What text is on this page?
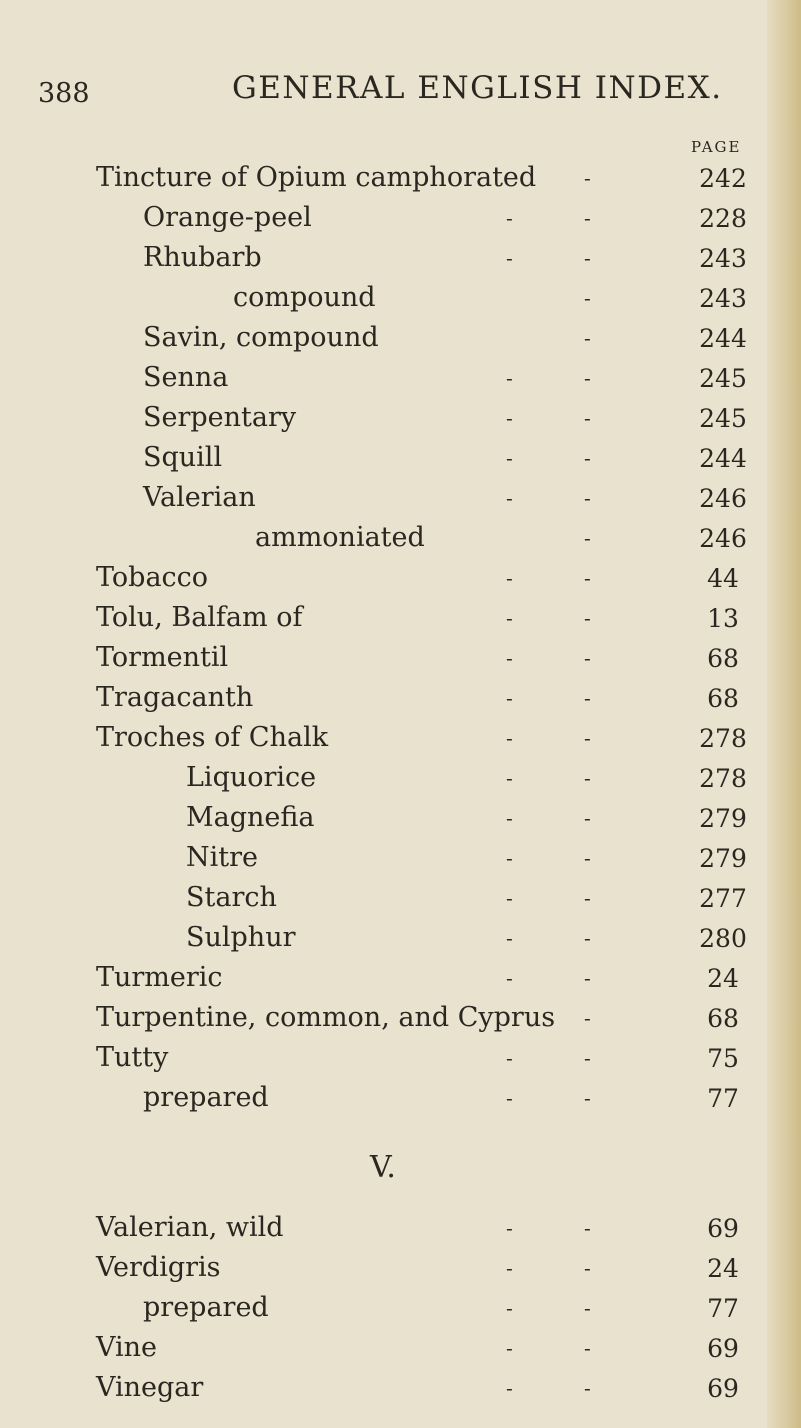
388	GENERAL ENGLISH INDEX.
PAGE
Tincture of Opium camphorated -	242
Orange-peel	-	-	228
Rhubarb	-	-	243
compound	-	243
Savin, compound	-	244
Senna	-	-	245
Serpentary	-	-	245
Squill	-	-	244
Valerian	-	-	246
ammoniated	-	246
Tobacco	-	-	44
Tolu, Balfam of	-	-	13
Tormentil	-	-	68
Tragacanth	-	-	68
Troches of Chalk	-	-	278
Liquorice	-	-	278
Magnefia	-	-	279
Nitre	-	-	279
Starch	-	-	277
Sulphur	-	-	280
Turmeric	-	-	24
Turpentine, common, and Cyprus -	68
Tutty	-	-	75
prepared	-	-	77
V.
Valerian, wild	-	-	69
Verdigris	-	-	24
prepared	-	-	77
Vine	-	-	69
Vinegar	-	-	69
